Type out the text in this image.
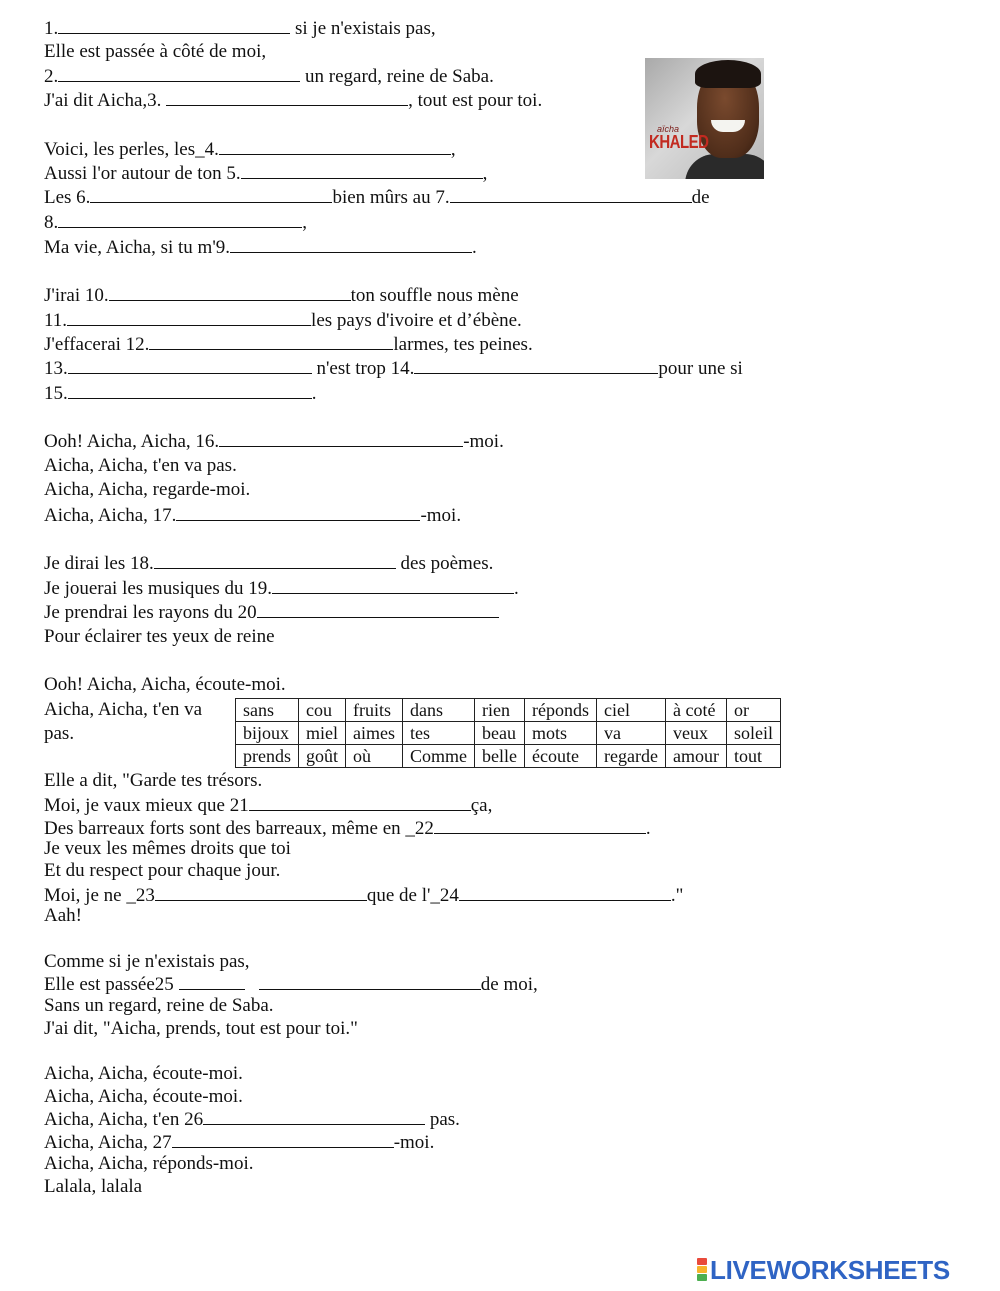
1.	si je n'existais pas,
Elle est passée à côté de moi,
2.	un regard, reine de Saba.
J'ai dit Aicha,3.	, tout est pour toi.
Voici, les perles, les_4.	,
Aussi l'or autour de ton 5.	,
Les 6.	bien mûrs au 7.	de
8.	,
Ma vie, Aicha, si tu m'9.	.
J'irai 10.	ton souffle nous mène
11.	les pays d'ivoire et d’ébène.
J'effacerai 12.	larmes, tes peines.
13.	n'est trop 14.	pour une si
15.	.
Ooh! Aicha, Aicha, 16.	-moi.
Aicha, Aicha, t'en va pas.
Aicha, Aicha, regarde-moi.
Aicha, Aicha, 17.	-moi.
Je dirai les 18.	des poèmes.
Je jouerai les musiques du 19.	.
Je prendrai les rayons du 20
Pour éclairer tes yeux de reine
Ooh! Aicha, Aicha, écoute-moi.
Aicha, Aicha, t'en va
pas.
sans	cou	fruits	dans	rien	réponds	ciel	à coté	or
bijoux	miel	aimes	tes	beau	mots	va	veux	soleil
prends	goût	où	Comme	belle	écoute	regarde	amour	tout
Elle a dit, "Garde tes trésors.
Moi, je vaux mieux que 21	ça,
Des barreaux forts sont des barreaux, même en _22	.
Je veux les mêmes droits que toi
Et du respect pour chaque jour.
Moi, je ne _23	que de l'_24	."
Aah!
Comme si je n'existais pas,
Elle est passée25	de moi,
Sans un regard, reine de Saba.
J'ai dit, "Aicha, prends, tout est pour toi."
Aicha, Aicha, écoute-moi.
Aicha, Aicha, écoute-moi.
Aicha, Aicha, t'en 26	pas.
Aicha, Aicha, 27	-moi.
Aicha, Aicha, réponds-moi.
Lalala, lalala
aïcha
KHALED
LIVEWORKSHEETS
